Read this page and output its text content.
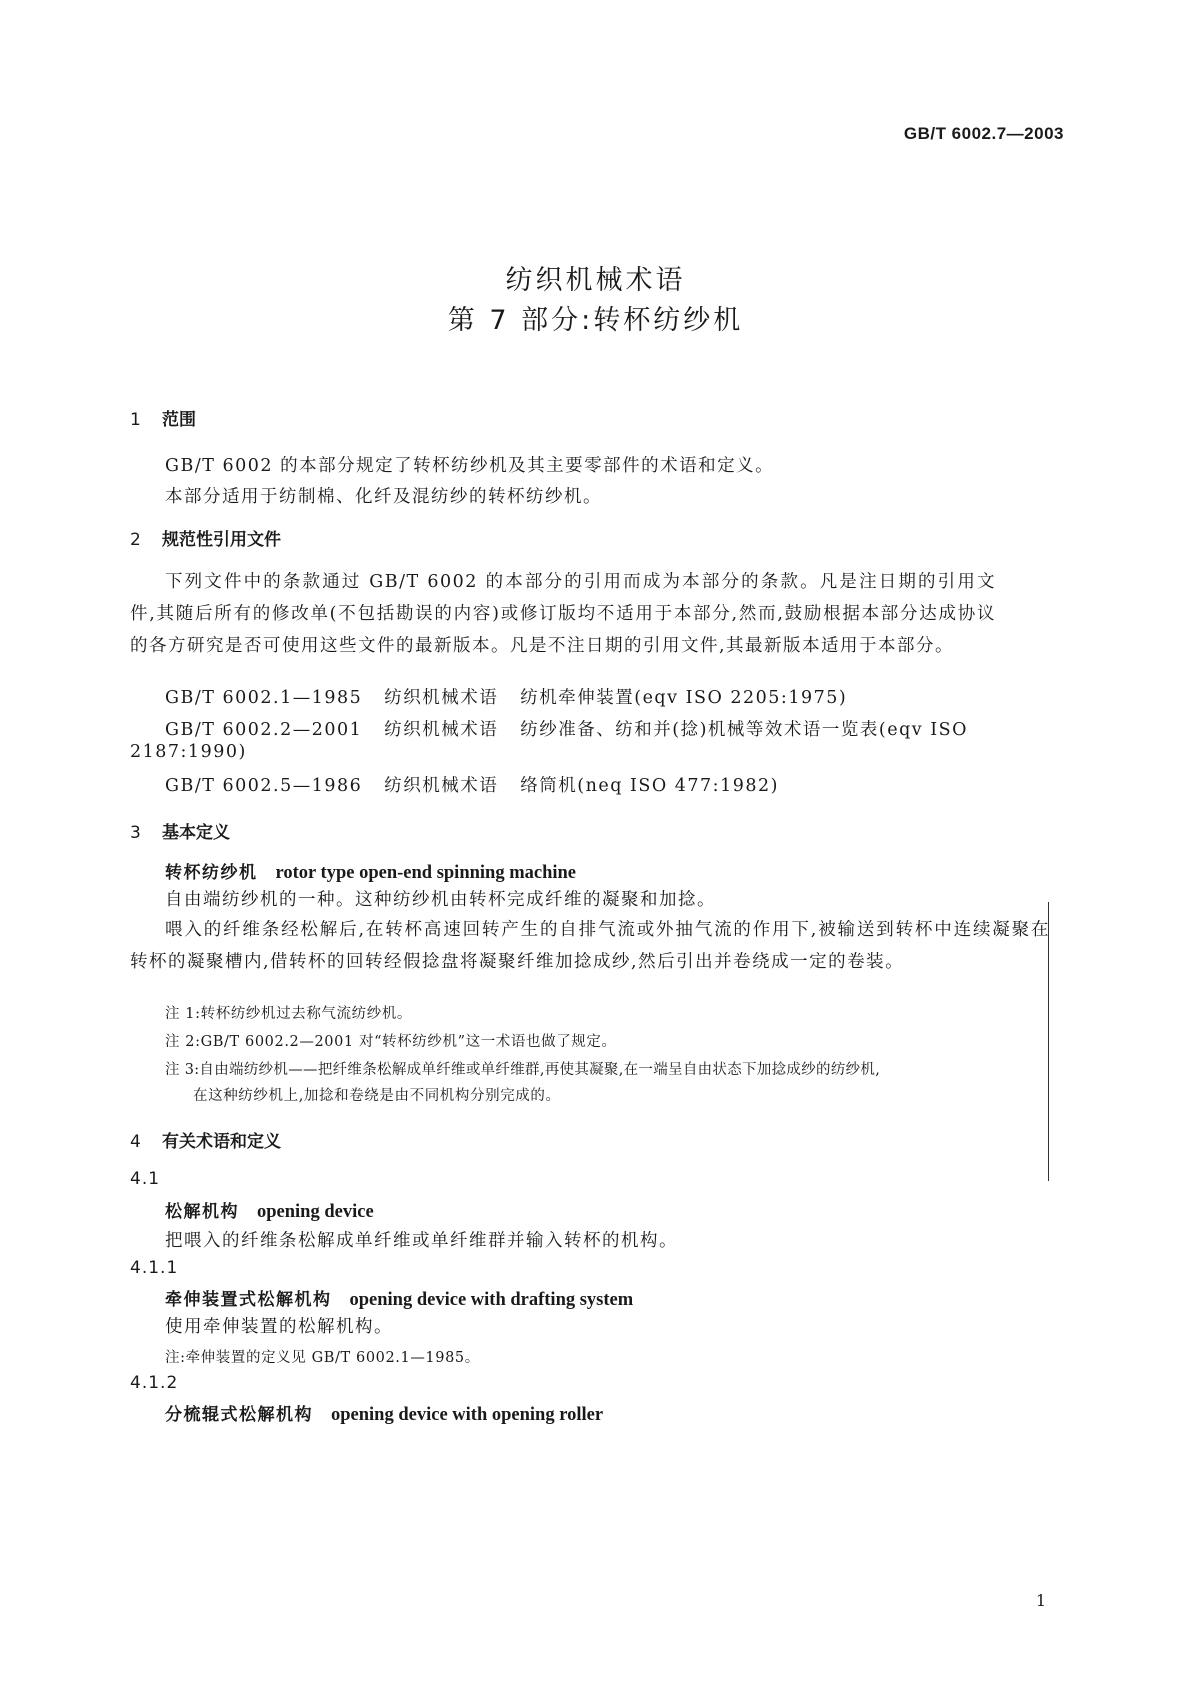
GB/T 6002.7—2003
纺织机械术语
第 7 部分:转杯纺纱机
1 范围
GB/T 6002 的本部分规定了转杯纺纱机及其主要零部件的术语和定义。
本部分适用于纺制棉、化纤及混纺纱的转杯纺纱机。
2 规范性引用文件
下列文件中的条款通过 GB/T 6002 的本部分的引用而成为本部分的条款。凡是注日期的引用文件,其随后所有的修改单(不包括勘误的内容)或修订版均不适用于本部分,然而,鼓励根据本部分达成协议的各方研究是否可使用这些文件的最新版本。凡是不注日期的引用文件,其最新版本适用于本部分。
GB/T 6002.1—1985 纺织机械术语 纺机牵伸装置(eqv ISO 2205:1975)
GB/T 6002.2—2001 纺织机械术语 纺纱准备、纺和并(捻)机械等效术语一览表(eqv ISO
2187:1990)
GB/T 6002.5—1986 纺织机械术语 络筒机(neq ISO 477:1982)
3 基本定义
转杯纺纱机 rotor type open-end spinning machine
自由端纺纱机的一种。这种纺纱机由转杯完成纤维的凝聚和加捻。
喂入的纤维条经松解后,在转杯高速回转产生的自排气流或外抽气流的作用下,被输送到转杯中连续凝聚在转杯的凝聚槽内,借转杯的回转经假捻盘将凝聚纤维加捻成纱,然后引出并卷绕成一定的卷装。
注 1:转杯纺纱机过去称气流纺纱机。
注 2:GB/T 6002.2—2001 对“转杯纺纱机”这一术语也做了规定。
注 3:自由端纺纱机——把纤维条松解成单纤维或单纤维群,再使其凝聚,在一端呈自由状态下加捻成纱的纺纱机,
在这种纺纱机上,加捻和卷绕是由不同机构分别完成的。
4 有关术语和定义
4.1
松解机构 opening device
把喂入的纤维条松解成单纤维或单纤维群并输入转杯的机构。
4.1.1
牵伸装置式松解机构 opening device with drafting system
使用牵伸装置的松解机构。
注:牵伸装置的定义见 GB/T 6002.1—1985。
4.1.2
分梳辊式松解机构 opening device with opening roller
1
